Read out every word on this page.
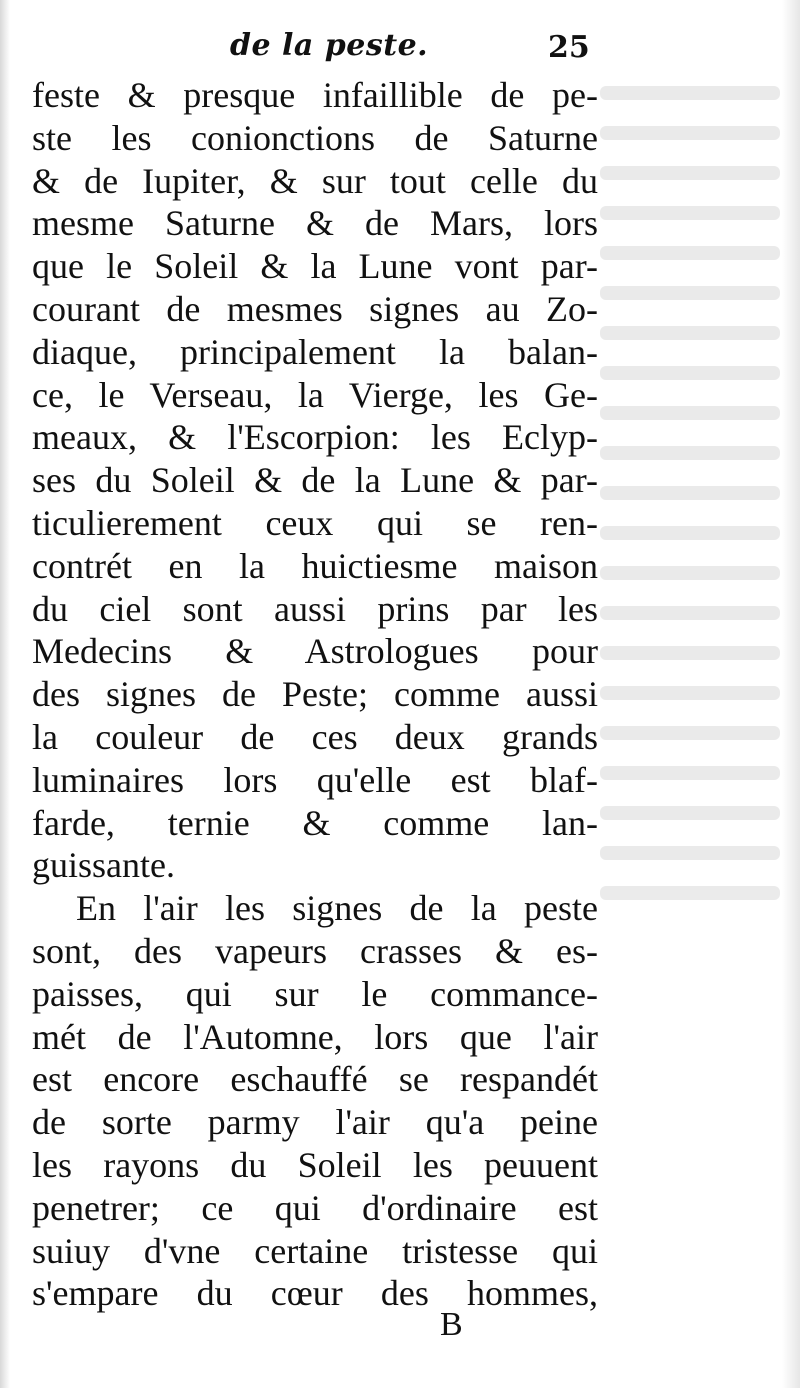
de la peste.	25
feste & presque infaillible de pe-
ste les conionctions de Saturne
& de Iupiter, & sur tout celle du
mesme Saturne & de Mars, lors
que le Soleil & la Lune vont par-
courant de mesmes signes au Zo-
diaque, principalement la balan-
ce, le Verseau, la Vierge, les Ge-
meaux, & l'Escorpion: les Eclyp-
ses du Soleil & de la Lune & par-
ticulierement ceux qui se ren-
contrét en la huictiesme maison
du ciel sont aussi prins par les
Medecins & Astrologues pour
des signes de Peste; comme aussi
la couleur de ces deux grands
luminaires lors qu'elle est blaf-
farde, ternie & comme lan-
guissante.
En l'air les signes de la peste
sont, des vapeurs crasses & es-
paisses, qui sur le commance-
mét de l'Automne, lors que l'air
est encore eschauffé se respandét
de sorte parmy l'air qu'a peine
les rayons du Soleil les peuuent
penetrer; ce qui d'ordinaire est
suiuy d'vne certaine tristesse qui
s'empare du cœur des hommes,
B
